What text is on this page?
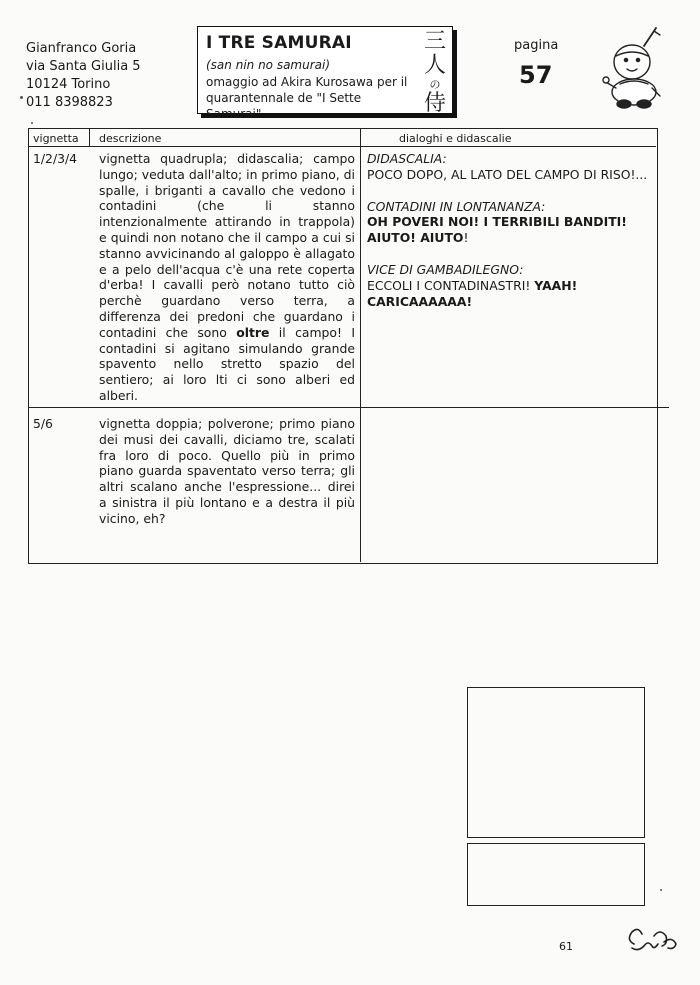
Gianfranco Goria
via Santa Giulia 5
10124 Torino
011 8398823
I TRE SAMURAI
(san nin no samurai)
omaggio ad Akira Kurosawa per il quarantennale de "I Sette Samurai"
三
人
の
侍
pagina
57
vignetta descrizione	dialoghi e didascalie
1/2/3/4 vignetta quadrupla; didascalia; campo lungo; veduta dall'alto; in primo piano, di spalle, i briganti a cavallo che vedono i contadini (che li stanno intenzionalmente attirando in trappola) e quindi non notano che il campo a cui si stanno avvicinando al galoppo è allagato e a pelo dell'acqua c'è una rete coperta d'erba! I cavalli però notano tutto ciò perchè guardano verso terra, a differenza dei predoni che guardano i contadini che sono oltre il campo! I contadini si agitano simulando grande spavento nello stretto spazio del sentiero; ai loro lti ci sono alberi ed alberi.
DIDASCALIA:
POCO DOPO, AL LATO DEL CAMPO DI RISO!...
CONTADINI IN LONTANANZA:
OH POVERI NOI! I TERRIBILI BANDITI! AIUTO! AIUTO!
VICE DI GAMBADILEGNO:
ECCOLI I CONTADINASTRI! YAAH! CARICAAAAAA!
5/6	vignetta doppia; polverone; primo piano dei musi dei cavalli, diciamo tre, scalati fra loro di poco. Quello più in primo piano guarda spaventato verso terra; gli altri scalano anche l'espressione... direi a sinistra il più lontano e a destra il più vicino, eh?
61
